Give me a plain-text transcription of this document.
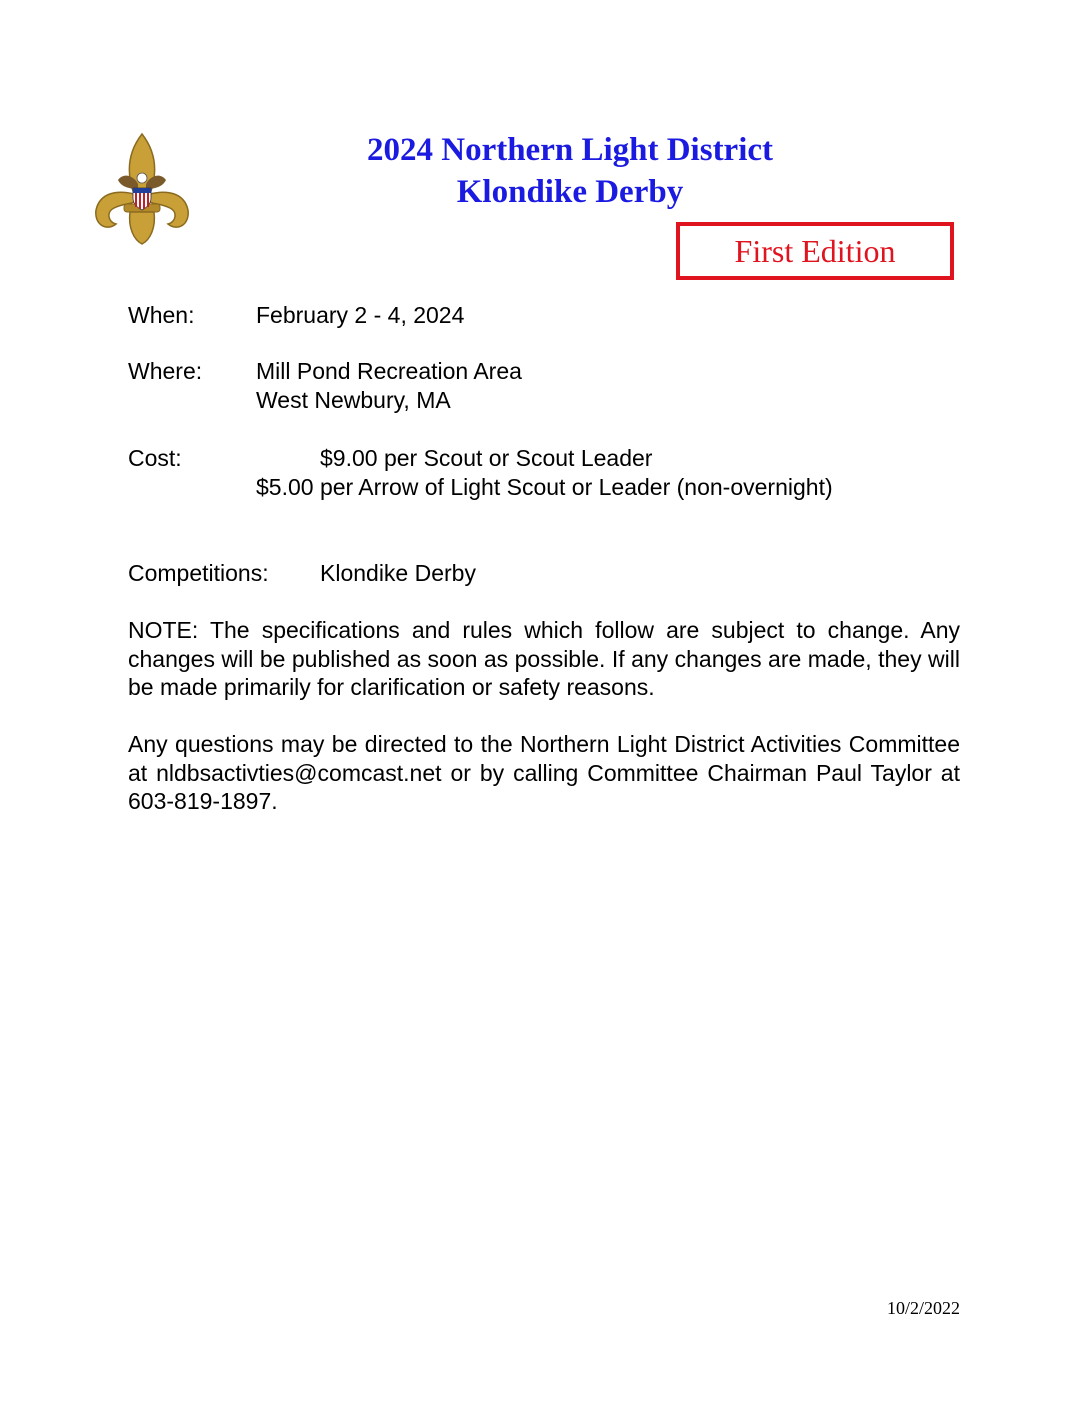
2024 Northern Light District
Klondike Derby
First Edition
When:	February 2 - 4, 2024
Where: Mill Pond Recreation Area
West Newbury, MA
Cost:	$9.00 per Scout or Scout Leader
$5.00 per Arrow of Light Scout or Leader (non-overnight)
Competitions: Klondike Derby
NOTE: The specifications and rules which follow are subject to change. Any changes will be published as soon as possible. If any changes are made, they will be made primarily for clarification or safety reasons.
Any questions may be directed to the Northern Light District Activities Committee at nldbsactivties@comcast.net or by calling Committee Chairman Paul Taylor at 603-819-1897.
10/2/2022
